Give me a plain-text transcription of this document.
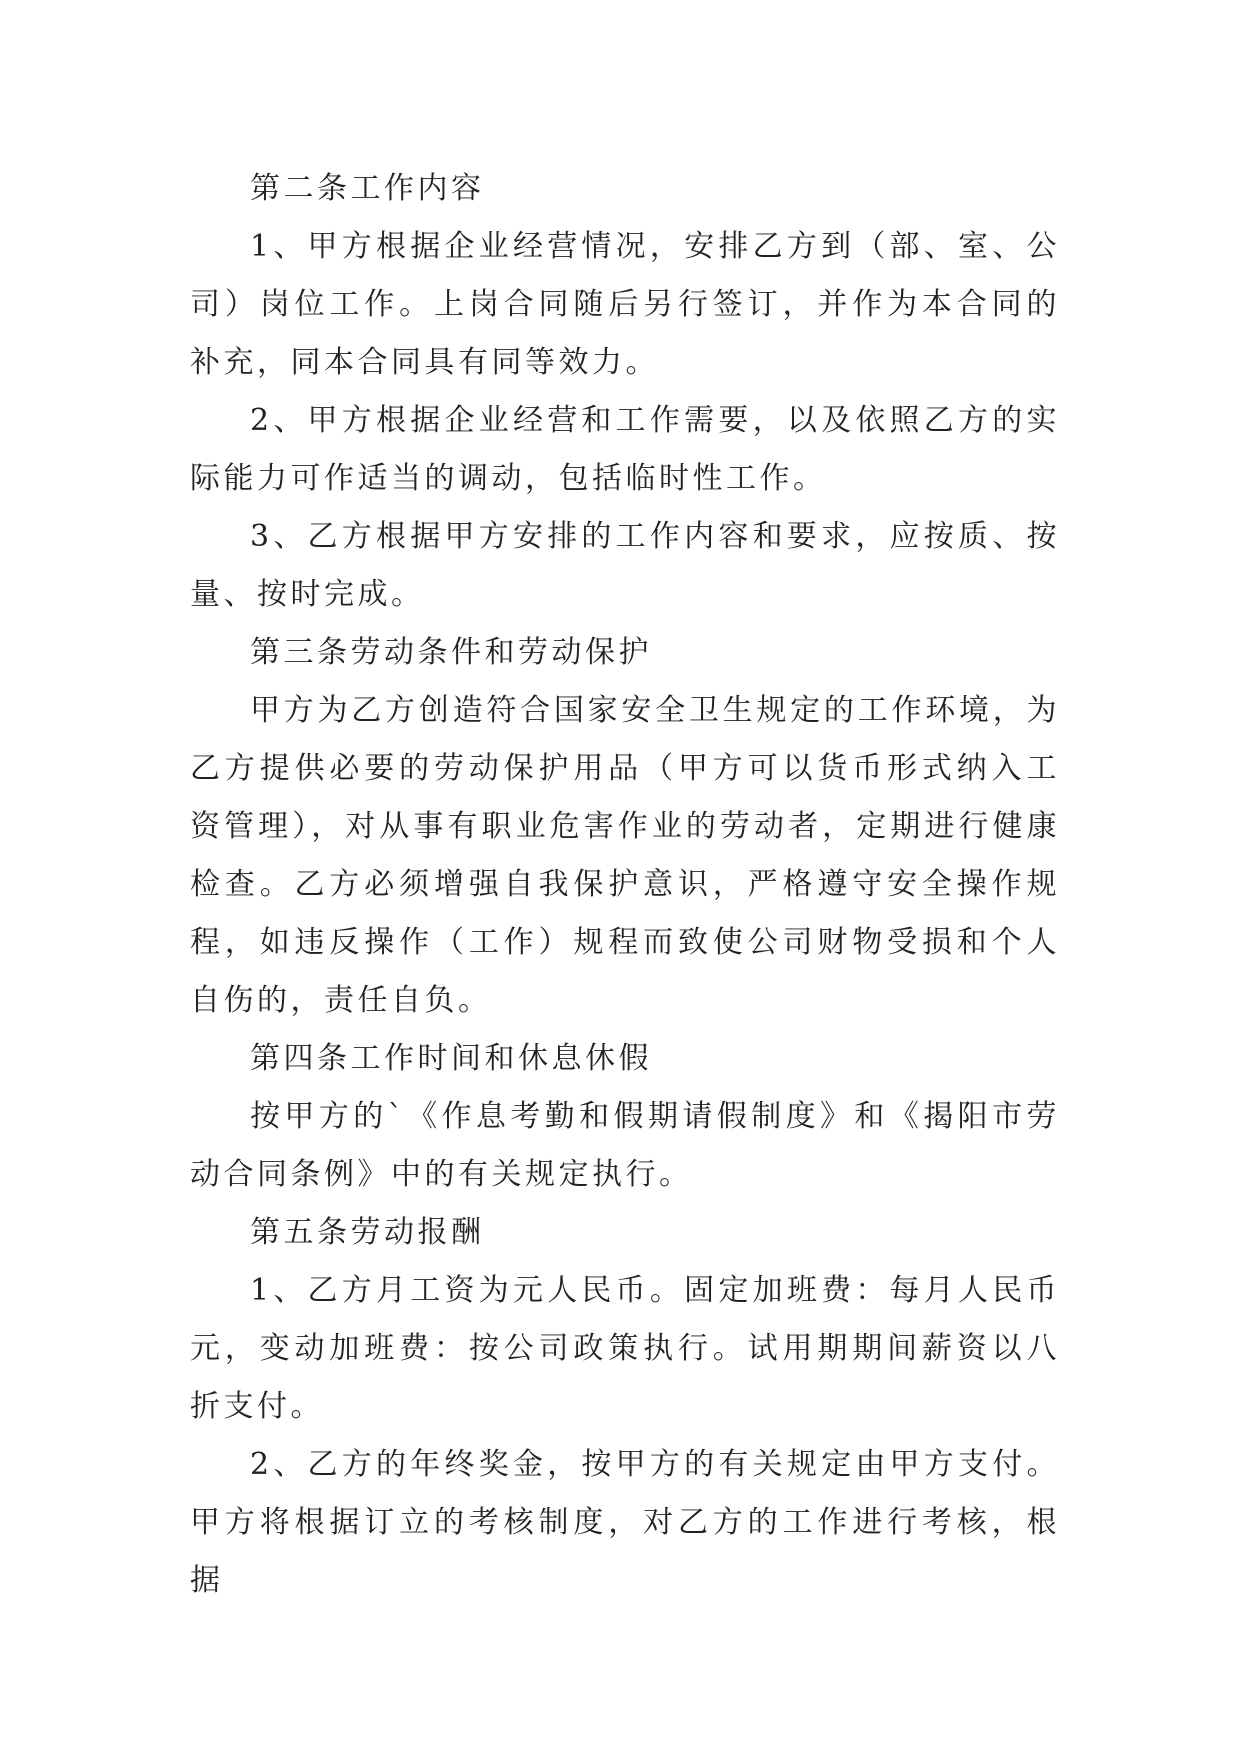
第二条工作内容

1、甲方根据企业经营情况，安排乙方到（部、室、公司）岗位工作。上岗合同随后另行签订，并作为本合同的补充，同本合同具有同等效力。

2、甲方根据企业经营和工作需要，以及依照乙方的实际能力可作适当的调动，包括临时性工作。

3、乙方根据甲方安排的工作内容和要求，应按质、按量、按时完成。

第三条劳动条件和劳动保护

甲方为乙方创造符合国家安全卫生规定的工作环境，为乙方提供必要的劳动保护用品（甲方可以货币形式纳入工资管理），对从事有职业危害作业的劳动者，定期进行健康检查。乙方必须增强自我保护意识，严格遵守安全操作规程，如违反操作（工作）规程而致使公司财物受损和个人自伤的，责任自负。

第四条工作时间和休息休假

按甲方的`《作息考勤和假期请假制度》和《揭阳市劳动合同条例》中的有关规定执行。

第五条劳动报酬

1、乙方月工资为元人民币。固定加班费：每月人民币元，变动加班费：按公司政策执行。试用期期间薪资以八折支付。

2、乙方的年终奖金，按甲方的有关规定由甲方支付。甲方将根据订立的考核制度，对乙方的工作进行考核，根据
